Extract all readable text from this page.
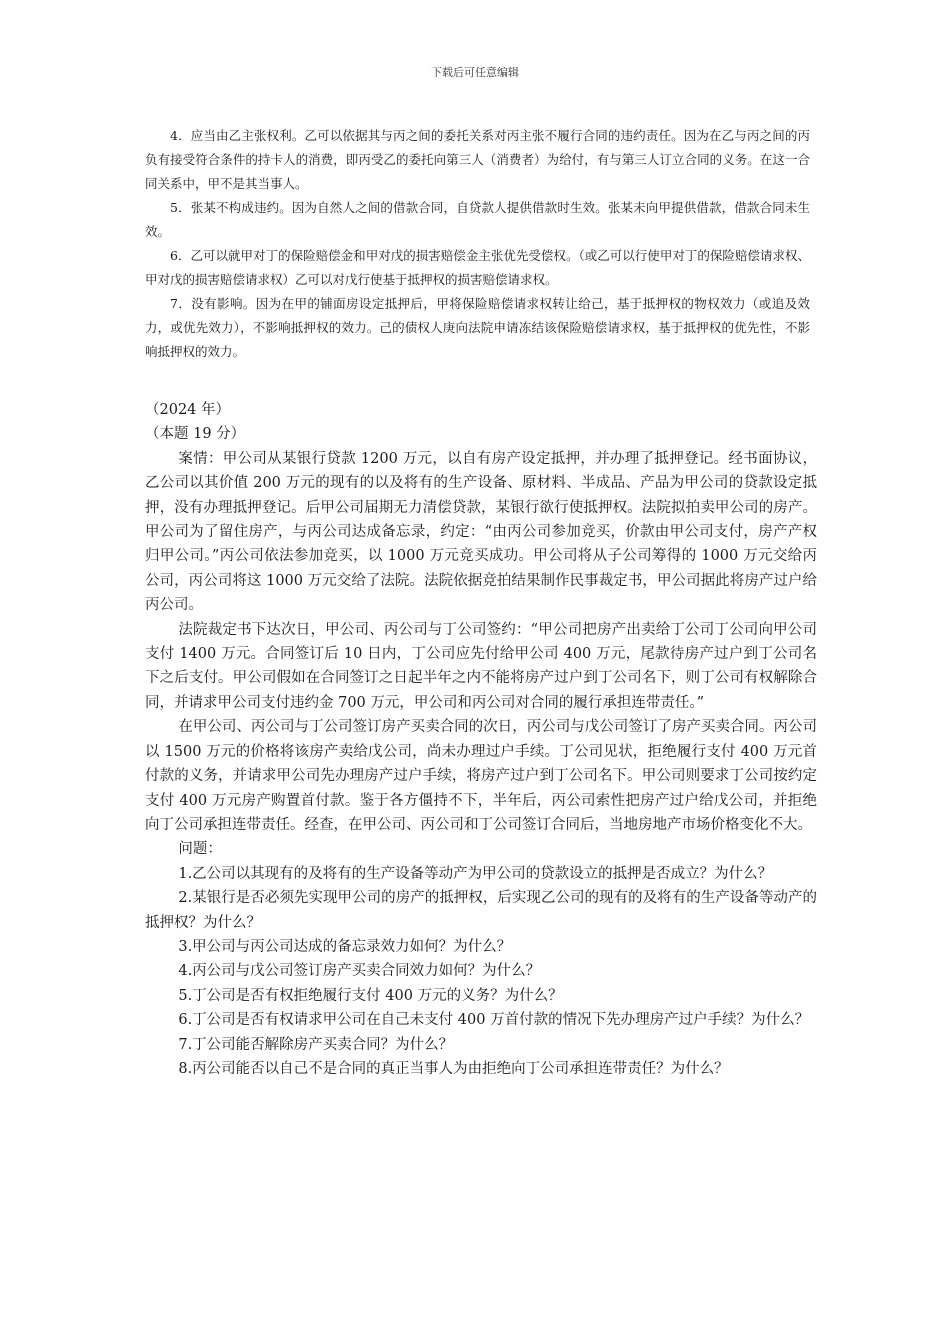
下载后可任意编辑

4．应当由乙主张权利。乙可以依据其与丙之间的委托关系对丙主张不履行合同的违约责任。因为在乙与丙之间的丙负有接受符合条件的持卡人的消费，即丙受乙的委托向第三人（消费者）为给付，有与第三人订立合同的义务。在这一合同关系中，甲不是其当事人。

5．张某不构成违约。因为自然人之间的借款合同，自贷款人提供借款时生效。张某未向甲提供借款，借款合同未生效。

6．乙可以就甲对丁的保险赔偿金和甲对戊的损害赔偿金主张优先受偿权。（或乙可以行使甲对丁的保险赔偿请求权、甲对戊的损害赔偿请求权）乙可以对戊行使基于抵押权的损害赔偿请求权。

7．没有影响。因为在甲的铺面房设定抵押后，甲将保险赔偿请求权转让给己，基于抵押权的物权效力（或追及效力，或优先效力），不影响抵押权的效力。己的债权人庚向法院申请冻结该保险赔偿请求权，基于抵押权的优先性，不影响抵押权的效力。

（2024 年）

（本题 19 分）

案情：甲公司从某银行贷款 1200 万元，以自有房产设定抵押，并办理了抵押登记。经书面协议，乙公司以其价值 200 万元的现有的以及将有的生产设备、原材料、半成品、产品为甲公司的贷款设定抵押，没有办理抵押登记。后甲公司届期无力清偿贷款，某银行欲行使抵押权。法院拟拍卖甲公司的房产。甲公司为了留住房产，与丙公司达成备忘录，约定：“由丙公司参加竞买，价款由甲公司支付，房产产权归甲公司。”丙公司依法参加竞买，以 1000 万元竞买成功。甲公司将从子公司筹得的 1000 万元交给丙公司，丙公司将这 1000 万元交给了法院。法院依据竞拍结果制作民事裁定书，甲公司据此将房产过户给丙公司。

法院裁定书下达次日，甲公司、丙公司与丁公司签约：“甲公司把房产出卖给丁公司丁公司向甲公司支付 1400 万元。合同签订后 10 日内，丁公司应先付给甲公司 400 万元，尾款待房产过户到丁公司名下之后支付。甲公司假如在合同签订之日起半年之内不能将房产过户到丁公司名下，则丁公司有权解除合同，并请求甲公司支付违约金 700 万元，甲公司和丙公司对合同的履行承担连带责任。”

在甲公司、丙公司与丁公司签订房产买卖合同的次日，丙公司与戊公司签订了房产买卖合同。丙公司以 1500 万元的价格将该房产卖给戊公司，尚未办理过户手续。丁公司见状，拒绝履行支付 400 万元首付款的义务，并请求甲公司先办理房产过户手续，将房产过户到丁公司名下。甲公司则要求丁公司按约定支付 400 万元房产购置首付款。鉴于各方僵持不下，半年后，丙公司索性把房产过户给戊公司，并拒绝向丁公司承担连带责任。经查，在甲公司、丙公司和丁公司签订合同后，当地房地产市场价格变化不大。

问题：

1.乙公司以其现有的及将有的生产设备等动产为甲公司的贷款设立的抵押是否成立？为什么？

2.某银行是否必须先实现甲公司的房产的抵押权，后实现乙公司的现有的及将有的生产设备等动产的抵押权？为什么？

3.甲公司与丙公司达成的备忘录效力如何？为什么？

4.丙公司与戊公司签订房产买卖合同效力如何？为什么？

5.丁公司是否有权拒绝履行支付 400 万元的义务？为什么？

6.丁公司是否有权请求甲公司在自己未支付 400 万首付款的情况下先办理房产过户手续？为什么？

7.丁公司能否解除房产买卖合同？为什么？

8.丙公司能否以自己不是合同的真正当事人为由拒绝向丁公司承担连带责任？为什么？
